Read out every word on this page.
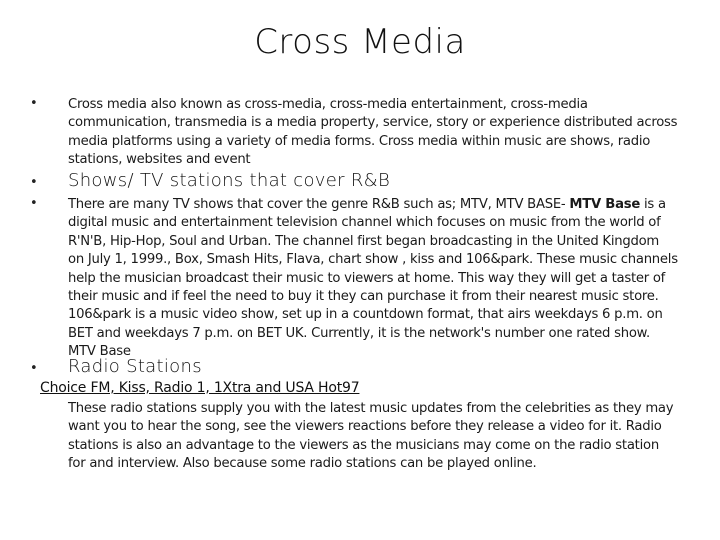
Cross Media
• Cross media also known as cross-media, cross-media entertainment, cross-media communication, transmedia is a media property, service, story or experience distributed across media platforms using a variety of media forms. Cross media within music are shows, radio stations, websites and event
• Shows/ TV stations that cover R&B
• There are many TV shows that cover the genre R&B such as; MTV, MTV BASE- MTV Base is a digital music and entertainment television channel which focuses on music from the world of R'N'B, Hip-Hop, Soul and Urban. The channel first began broadcasting in the United Kingdom on July 1, 1999., Box, Smash Hits, Flava, chart show , kiss and 106&park. These music channels help the musician broadcast their music to viewers at home. This way they will get a taster of their music and if feel the need to buy it they can purchase it from their nearest music store. 106&park is a music video show, set up in a countdown format, that airs weekdays 6 p.m. on BET and weekdays 7 p.m. on BET UK. Currently, it is the network's number one rated show. MTV Base
• Radio Stations
Choice FM, Kiss, Radio 1, 1Xtra and USA Hot97
These radio stations supply you with the latest music updates from the celebrities as they may want you to hear the song, see the viewers reactions before they release a video for it. Radio stations is also an advantage to the viewers as the musicians may come on the radio station for and interview. Also because some radio stations can be played online.
